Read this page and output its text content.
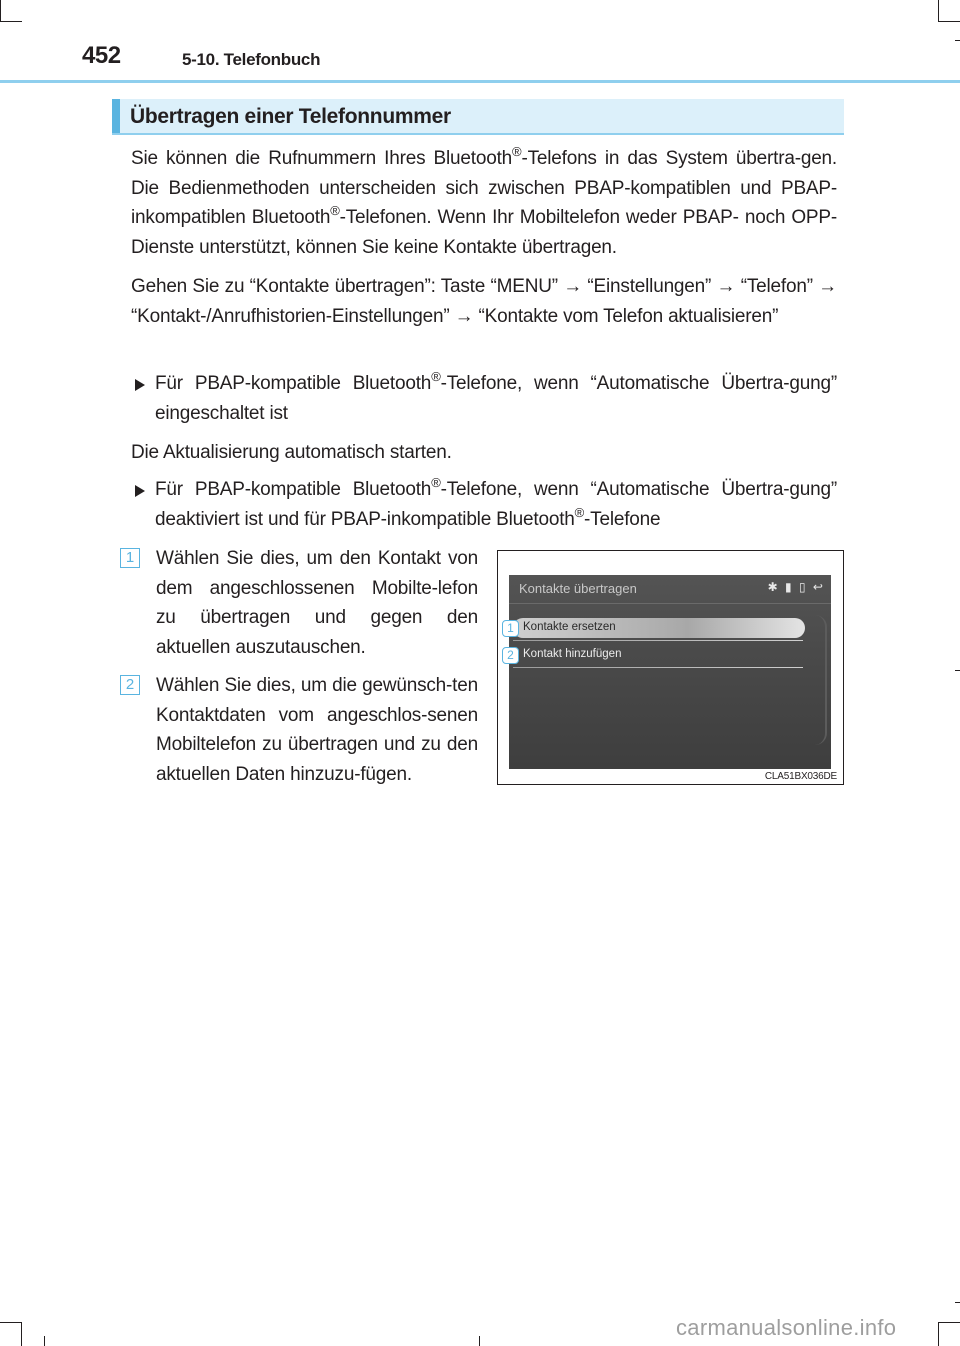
452	5-10. Telefonbuch
Übertragen einer Telefonnummer
Sie können die Rufnummern Ihres Bluetooth®-Telefons in das System übertra-gen. Die Bedienmethoden unterscheiden sich zwischen PBAP-kompatiblen und PBAP-inkompatiblen Bluetooth®-Telefonen. Wenn Ihr Mobiltelefon weder PBAP- noch OPP-Dienste unterstützt, können Sie keine Kontakte übertragen.
Gehen Sie zu “Kontakte übertragen”: Taste “MENU” → “Einstellungen” → “Telefon” → “Kontakt-/Anrufhistorien-Einstellungen” → “Kontakte vom Telefon aktualisieren”
Für PBAP-kompatible Bluetooth®-Telefone, wenn “Automatische Übertra-gung” eingeschaltet ist
Die Aktualisierung automatisch starten.
Für PBAP-kompatible Bluetooth®-Telefone, wenn “Automatische Übertra-gung” deaktiviert ist und für PBAP-inkompatible Bluetooth®-Telefone
1	Wählen Sie dies, um den Kontakt von dem angeschlossenen Mobilte-lefon zu übertragen und gegen den aktuellen auszutauschen.
2	Wählen Sie dies, um die gewünsch-ten Kontaktdaten vom angeschlos-senen Mobiltelefon zu übertragen und zu den aktuellen Daten hinzuzu-fügen.
Kontakte übertragen	✱ ▮ ▯ ↩
Kontakte ersetzen
Kontakt hinzufügen
1
2
CLA51BX036DE
carmanualsonline.info
